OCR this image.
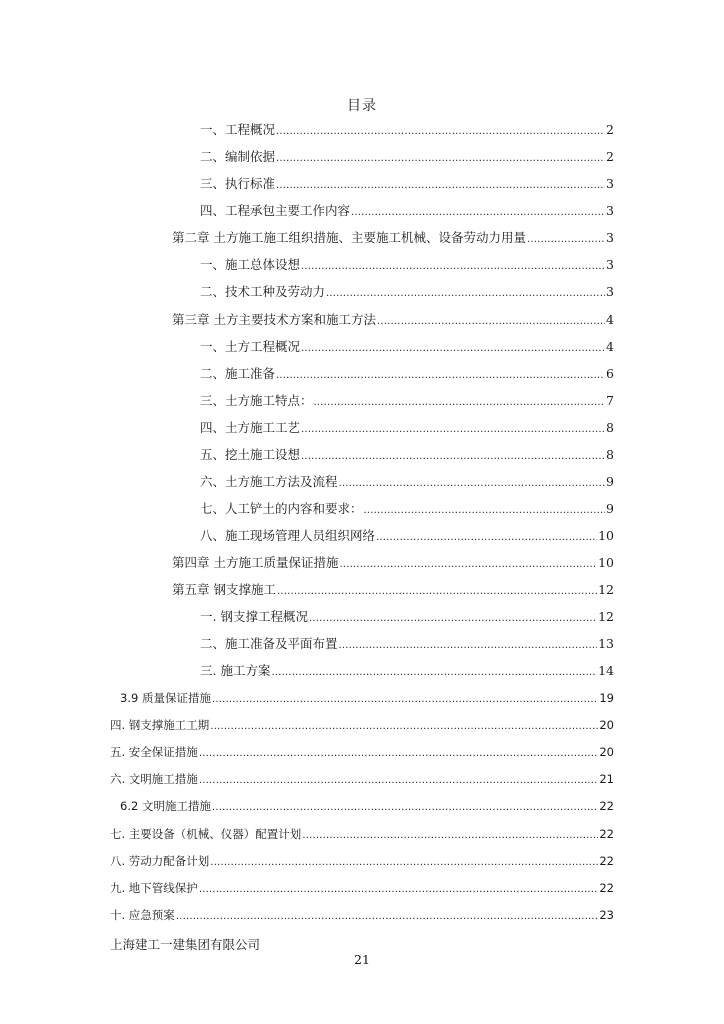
目录
一、工程概况 .....	2
二、编制依据 .....	2
三、执行标准 .....	3
四、工程承包主要工作内容 .....	3
第二章 土方施工施工组织措施、主要施工机械、设备劳动力用量 .....	3
一、施工总体设想 .....	3
二、技术工种及劳动力 .....	3
第三章 土方主要技术方案和施工方法 .....	4
一、土方工程概况 .....	4
二、施工准备 .....	6
三、土方施工特点： .....	7
四、土方施工工艺 .....	8
五、挖土施工设想 .....	8
六、土方施工方法及流程 .....	9
七、人工铲土的内容和要求： .....	9
八、施工现场管理人员组织网络 .....	10
第四章 土方施工质量保证措施 .....	10
第五章 钢支撑施工 .....	12
一. 钢支撑工程概况 .....	12
二、施工准备及平面布置 .....	13
三. 施工方案 .....	14
3.9 质量保证措施 .....	19
四. 钢支撑施工工期 .....	20
五. 安全保证措施 .....	20
六. 文明施工措施 .....	21
6.2 文明施工措施 .....	22
七. 主要设备（机械、仪器）配置计划 .....	22
八. 劳动力配备计划 .....	22
九. 地下管线保护 .....	22
十. 应急预案 .....	23
上海建工一建集团有限公司
21
